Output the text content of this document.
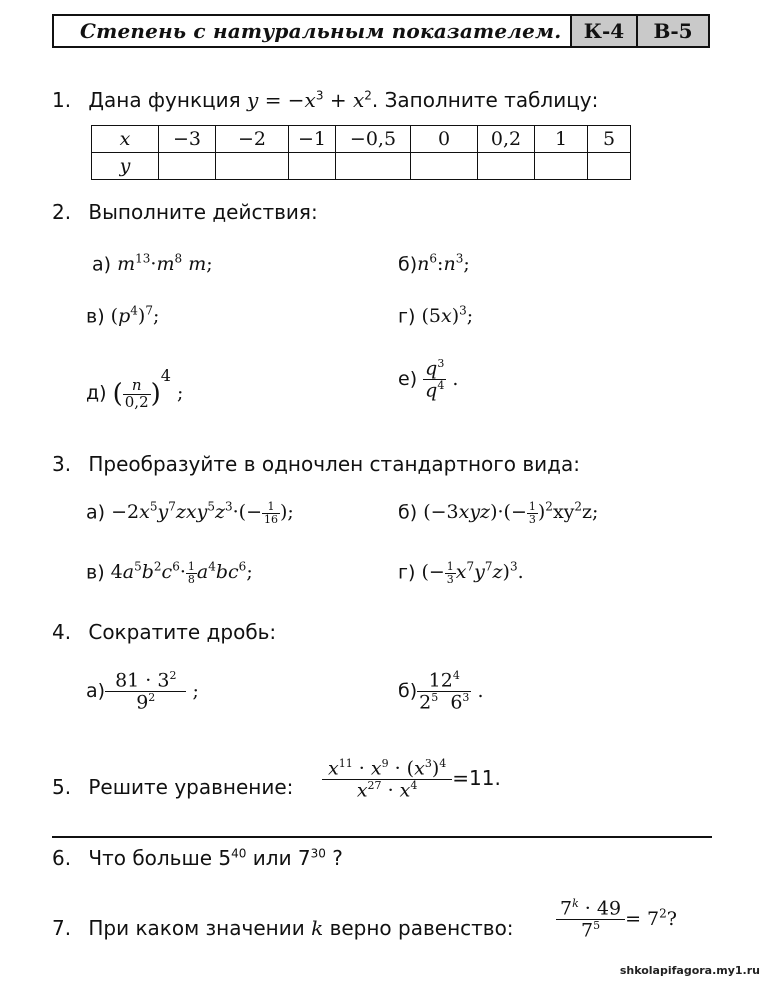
Степень с натуральным показателем.	К-4	В-5
1. Дана функция $y = -x^3 + x^2$. Заполните таблицу:
x	−3	−2	−1	−0,5	0	0,2	1	5
y								
2. Выполните действия:
а) $m^{13}\cdot m^8$ m;	$б)n^6:n^3$;
в) $(p^4)^7$;	г) $(5x)^3$;
д) ( $\frac{n}{0,2} )^4$ ;
$е) \frac{q^3}{q^4}$ .
3. Преобразуйте в одночлен стандартного вида:
$а) -2x^5y^7zxy^5z^3\cdot(- \frac{1}{16}$ );	б) $(-3xyz)\cdot(- \frac{1}{3} )^2xy^2z$;
в) $4a^5b^2c^6\cdot \frac{1}{8} a^4bc^6$;	г) (− $\frac{1}{3} x^7y^7z)^3$.
4. Сократите дробь:
$а) \frac{81 \cdot 3^2}{9^2}$ ;	$б) \frac{12^4}{2^5 6^3}$ .
5. Решите уравнение: $\frac{x^{11} \cdot x^9 \cdot (x^3)^4}{x^{27} \cdot x^4} =11$.
6. Что больше $5^{40}$ или $7^{30}$ ?
7. При каком значении k верно равенство: $\frac{7^k \cdot 49}{7^5} = 7^2$?
shkolapifagora.my1.ru
